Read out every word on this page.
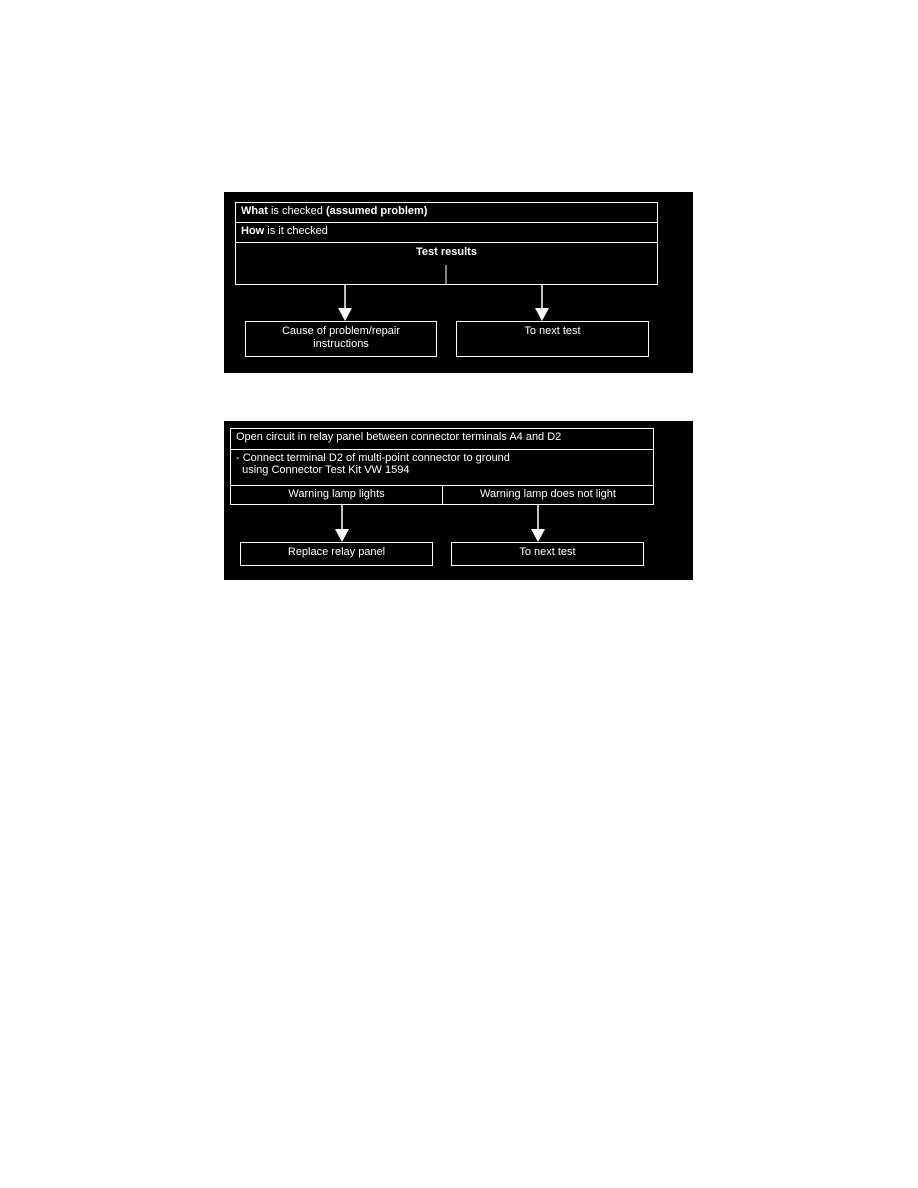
What is checked (assumed problem)
How is it checked
Test results
Cause of problem/repair
instructions
To next test
Open circuit in relay panel between connector terminals A4 and D2
- Connect terminal D2 of multi-point connector to ground
using Connector Test Kit VW 1594
Warning lamp lights	Warning lamp does not light
Replace relay panel	To next test
